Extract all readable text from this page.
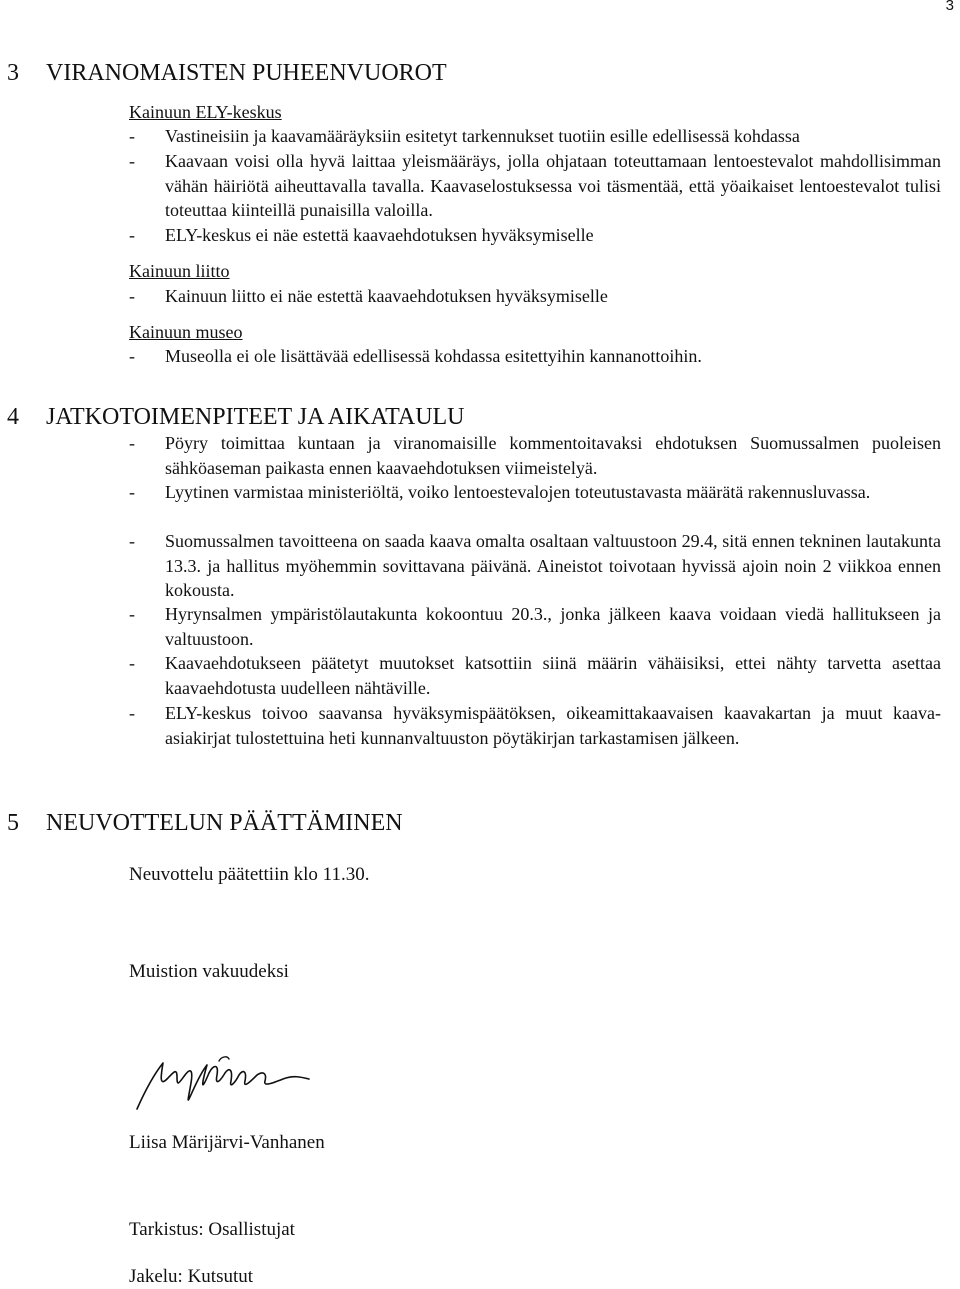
3
3 VIRANOMAISTEN PUHEENVUOROT
Kainuun ELY-keskus
- Vastineisiin ja kaavamääräyksiin esitetyt tarkennukset tuotiin esille edellisessä kohdassa
- Kaavaan voisi olla hyvä laittaa yleismääräys, jolla ohjataan toteuttamaan lentoestevalot mahdollisimman vähän häiriötä aiheuttavalla tavalla. Kaavaselostuksessa voi täsmentää, että yöaikaiset lentoestevalot tulisi toteuttaa kiinteillä punaisilla valoilla.
- ELY-keskus ei näe estettä kaavaehdotuksen hyväksymiselle
Kainuun liitto
- Kainuun liitto ei näe estettä kaavaehdotuksen hyväksymiselle
Kainuun museo
- Museolla ei ole lisättävää edellisessä kohdassa esitettyihin kannanottoihin.
4 JATKOTOIMENPITEET JA AIKATAULU
- Pöyry toimittaa kuntaan ja viranomaisille kommentoitavaksi ehdotuksen Suomussalmen puoleisen sähköaseman paikasta ennen kaavaehdotuksen viimeistelyä.
- Lyytinen varmistaa ministeriöltä, voiko lentoestevalojen toteutustavasta määrätä rakennusluvassa.
- Suomussalmen tavoitteena on saada kaava omalta osaltaan valtuustoon 29.4, sitä ennen tekninen lautakunta 13.3. ja hallitus myöhemmin sovittavana päivänä. Aineistot toivotaan hyvissä ajoin noin 2 viikkoa ennen kokousta.
- Hyrynsalmen ympäristölautakunta kokoontuu 20.3., jonka jälkeen kaava voidaan viedä hallitukseen ja valtuustoon.
- Kaavaehdotukseen päätetyt muutokset katsottiin siinä määrin vähäisiksi, ettei nähty tarvetta asettaa kaavaehdotusta uudelleen nähtäville.
- ELY-keskus toivoo saavansa hyväksymispäätöksen, oikeamittakaavaisen kaavakartan ja muut kaava-asiakirjat tulostettuina heti kunnanvaltuuston pöytäkirjan tarkastamisen jälkeen.
5 NEUVOTTELUN PÄÄTTÄMINEN
Neuvottelu päätettiin klo 11.30.
Muistion vakuudeksi
Liisa Märijärvi-Vanhanen
Tarkistus: Osallistujat
Jakelu: Kutsutut
